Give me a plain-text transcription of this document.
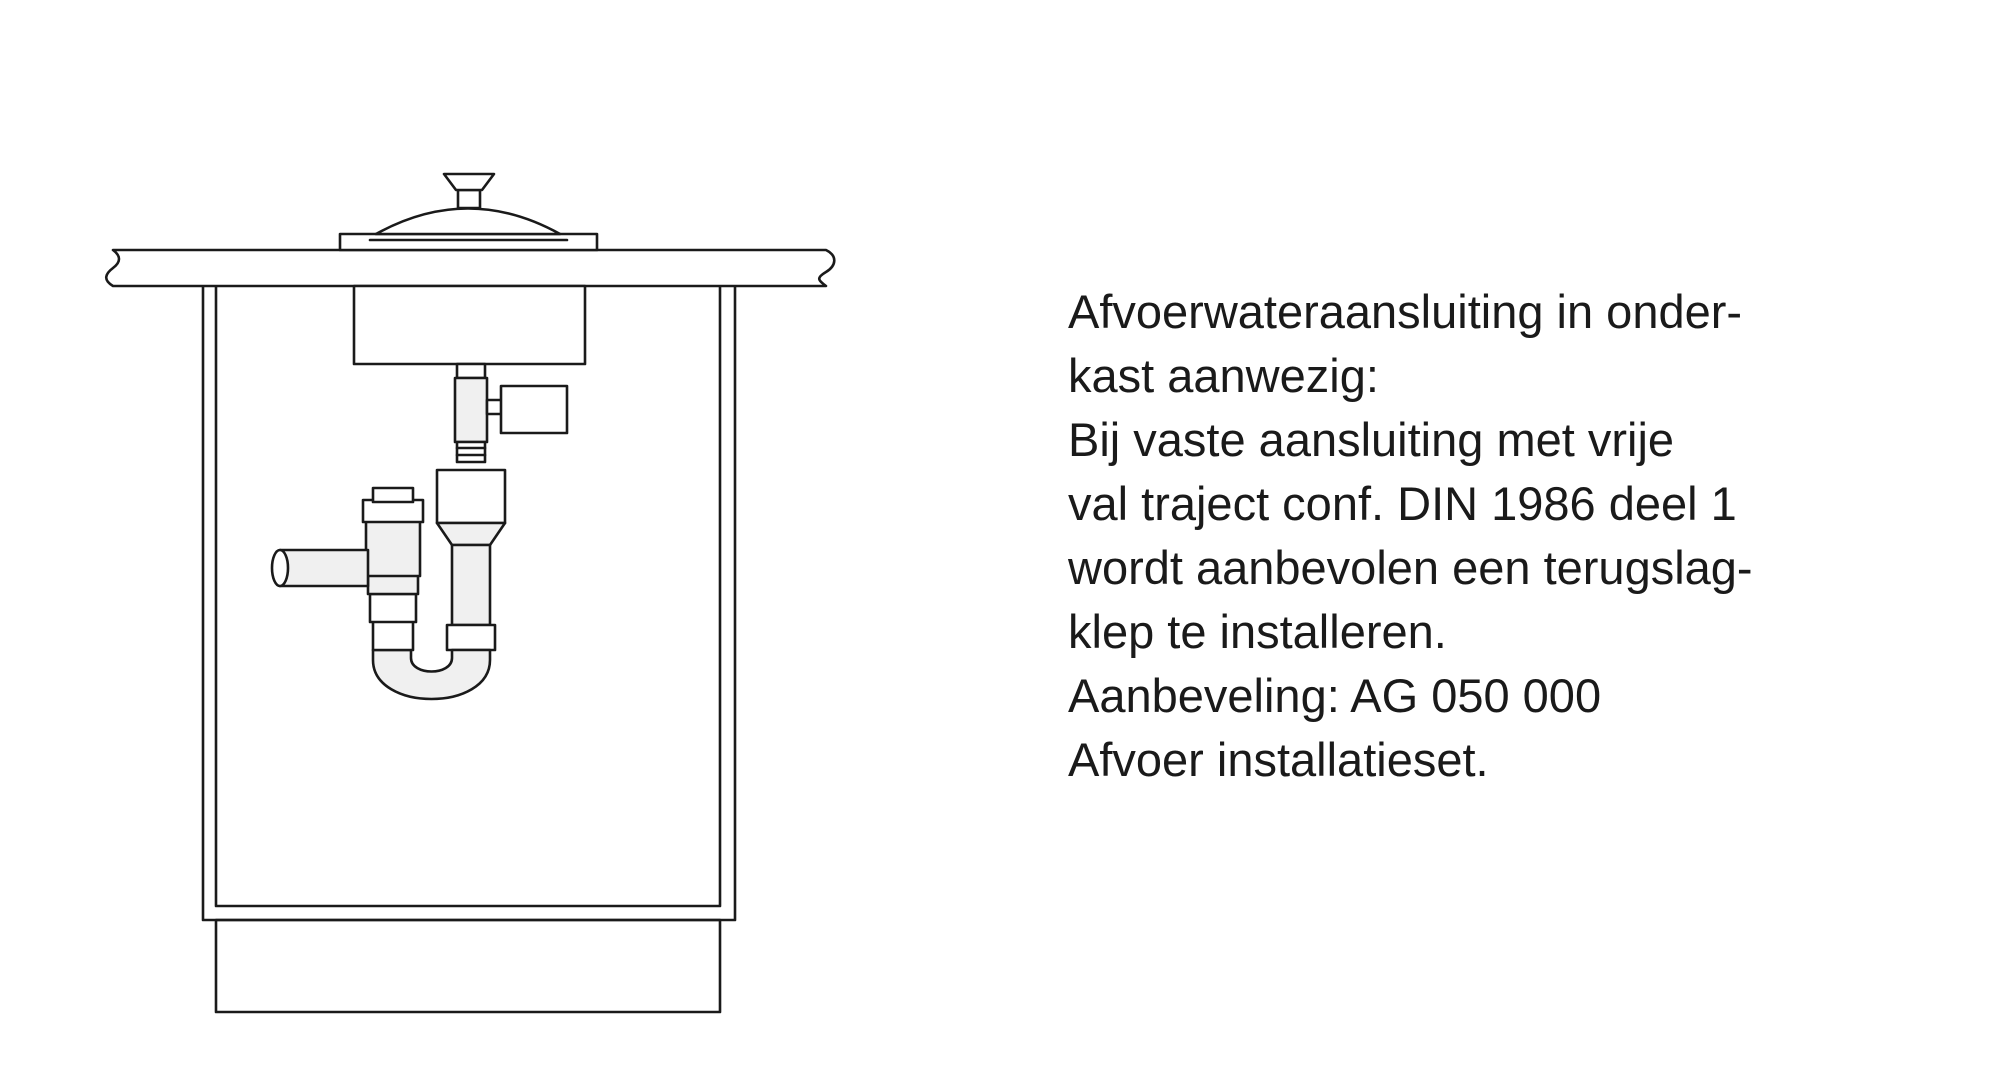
Afvoerwateraansluiting in onder-
kast aanwezig:
Bij vaste aansluiting met vrije
val traject conf. DIN 1986 deel 1
wordt aanbevolen een terugslag-
klep te installeren.
Aanbeveling: AG 050 000
Afvoer installatieset.
